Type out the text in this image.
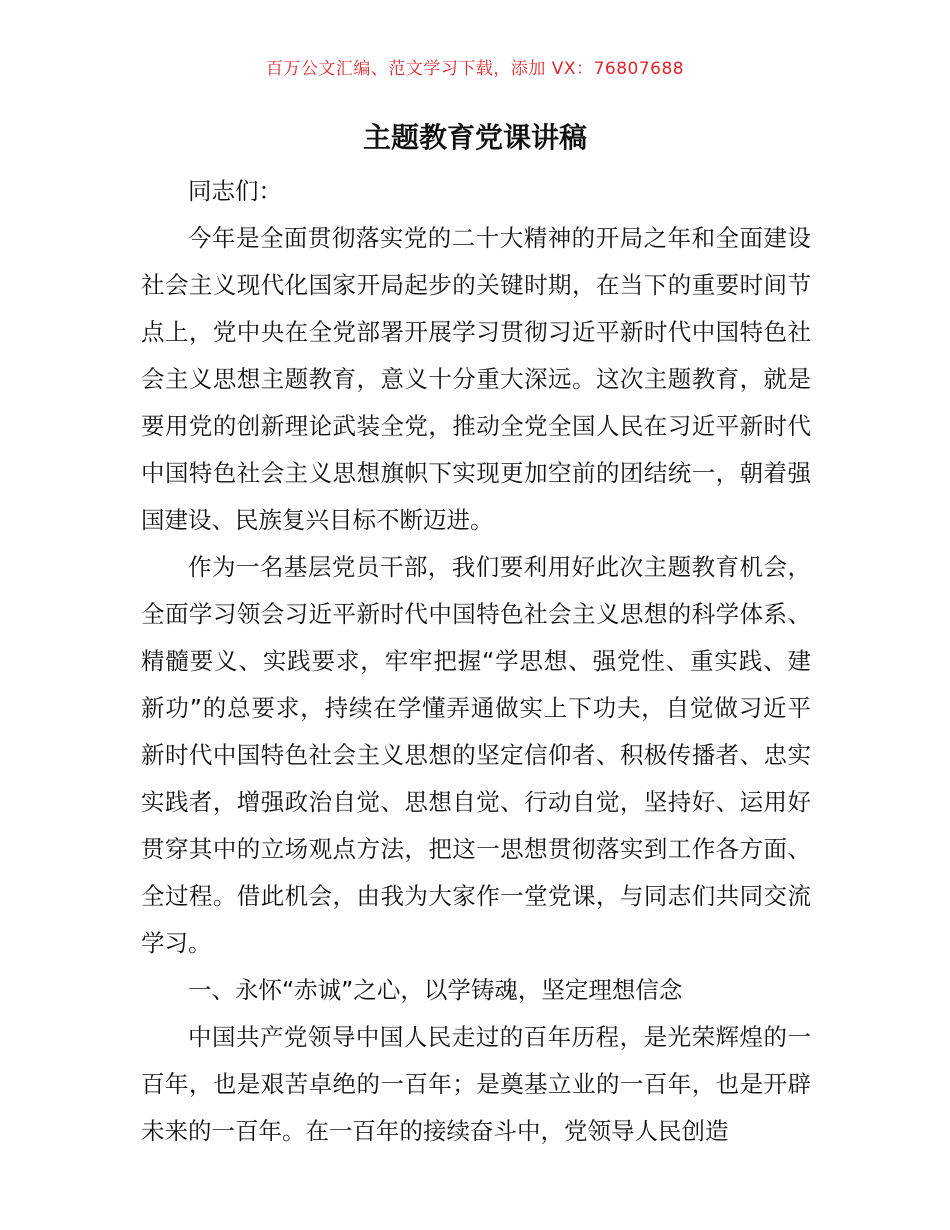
百万公文汇编、范文学习下载，添加 VX：76807688
主题教育党课讲稿

同志们：

今年是全面贯彻落实党的二十大精神的开局之年和全面建设社会主义现代化国家开局起步的关键时期，在当下的重要时间节点上，党中央在全党部署开展学习贯彻习近平新时代中国特色社会主义思想主题教育，意义十分重大深远。这次主题教育，就是要用党的创新理论武装全党，推动全党全国人民在习近平新时代中国特色社会主义思想旗帜下实现更加空前的团结统一，朝着强国建设、民族复兴目标不断迈进。

作为一名基层党员干部，我们要利用好此次主题教育机会，全面学习领会习近平新时代中国特色社会主义思想的科学体系、精髓要义、实践要求，牢牢把握“学思想、强党性、重实践、建新功”的总要求，持续在学懂弄通做实上下功夫，自觉做习近平新时代中国特色社会主义思想的坚定信仰者、积极传播者、忠实实践者，增强政治自觉、思想自觉、行动自觉，坚持好、运用好贯穿其中的立场观点方法，把这一思想贯彻落实到工作各方面、全过程。借此机会，由我为大家作一堂党课，与同志们共同交流学习。

一、永怀“赤诚”之心，以学铸魂，坚定理想信念

中国共产党领导中国人民走过的百年历程，是光荣辉煌的一百年，也是艰苦卓绝的一百年；是奠基立业的一百年，也是开辟未来的一百年。在一百年的接续奋斗中，党领导人民创造
